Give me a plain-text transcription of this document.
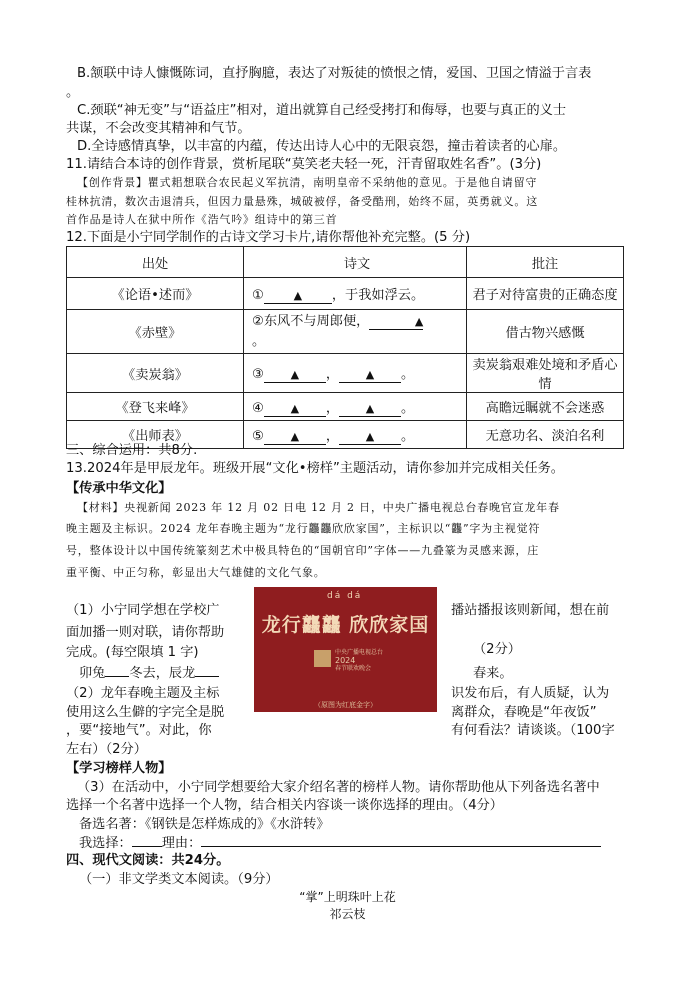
B.颔联中诗人慷慨陈词，直抒胸臆，表达了对叛徒的愤恨之情，爱国、卫国之情溢于言表
。
C.颈联“神无变”与“语益庄”相对，道出就算自己经受拷打和侮辱，也要与真正的义士
共谋，不会改变其精神和气节。
D.全诗感情真挚，以丰富的内蕴，传达出诗人心中的无限哀怨，撞击着读者的心扉。
11.请结合本诗的创作背景，赏析尾联“莫笑老夫轻一死，汗青留取姓名香”。(3分)
【创作背景】瞿式耜想联合农民起义军抗清，南明皇帝不采纳他的意见。于是他自请留守
桂林抗清，数次击退清兵，但因力量悬殊，城破被俘，备受酷刑，始终不屈，英勇就义。这
首作品是诗人在狱中所作《浩气吟》组诗中的第三首
12.下面是小宁同学制作的古诗文学习卡片,请你帮他补充完整。(5 分)
出处	诗文	批注
《论语•述而》	① ▲ ，于我如浮云。	君子对待富贵的正确态度
《赤壁》	②东风不与周郎便， ▲
。	借古物兴感慨
《卖炭翁》	③ ▲ ， ▲ 。	卖炭翁艰难处境和矛盾心情
《登飞来峰》	④ ▲ ， ▲ 。	高瞻远瞩就不会迷惑
《出师表》	⑤ ▲ ， ▲ 。	无意功名、淡泊名利
三、综合运用：共8分.
13.2024年是甲辰龙年。班级开展“文化•榜样”主题活动，请你参加并完成相关任务。
【传承中华文化】
【材料】央视新闻 2023 年 12 月 02 日电 12 月 2 日，中央广播电视总台春晚官宣龙年春
晚主题及主标识。2024 龙年春晚主题为“龙行龘龘欣欣家国”，主标识以“龘”字为主视觉符
号，整体设计以中国传统篆刻艺术中极具特色的“国朝官印”字体——九叠篆为灵感来源，庄
重平衡、中正匀称，彰显出大气雄健的文化气象。
（1）小宁同学想在学校广	播站播报该则新闻，想在前
面加播一则对联，请你帮助
（2分）
完成。(每空限填 1 字)
卯兔 冬去，辰龙	春来。
（2）龙年春晚主题及主标	识发布后，有人质疑，认为
使用这么生僻的字完全是脱	离群众，春晚是“年夜饭”
，要“接地气”。对此，你	有何看法？请谈谈。（100字
左右）（2分）
dá dá
龙行龘龘 欣欣家国
中央广播电视总台
2024
春节联欢晚会
（原图为红底金字）
【学习榜样人物】
（3）在活动中，小宁同学想要给大家介绍名著的榜样人物。请你帮助他从下列备选名著中
选择一个名著中选择一个人物，结合相关内容谈一谈你选择的理由。（4分）
备选名著：《钢铁是怎样炼成的》《水浒转》
我选择： 理由：
四、现代文阅读：共24分。
（一）非文学类文本阅读。（9分）
“掌”上明珠叶上花
祁云枝
